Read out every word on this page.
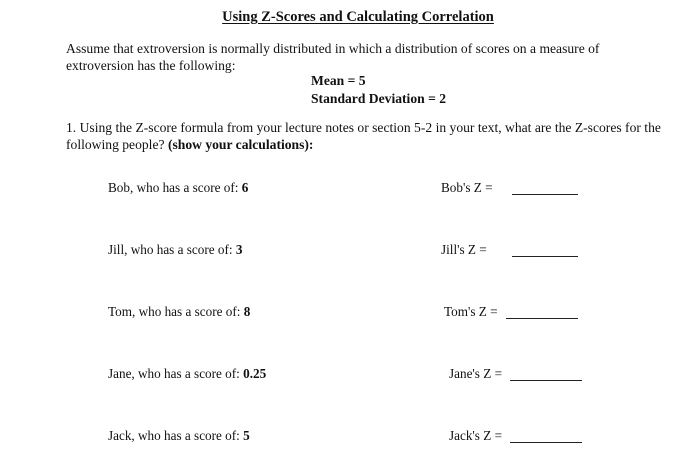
Using Z-Scores and Calculating Correlation
Assume that extroversion is normally distributed in which a distribution of scores on a measure of extroversion has the following:
Mean = 5
Standard Deviation = 2
1. Using the Z-score formula from your lecture notes or section 5-2 in your text, what are the Z-scores for the following people? (show your calculations):
Bob, who has a score of: 6	Bob's Z =
Jill, who has a score of: 3	Jill's Z =
Tom, who has a score of: 8	Tom's Z =
Jane, who has a score of: 0.25	Jane's Z =
Jack, who has a score of: 5	Jack's Z =
